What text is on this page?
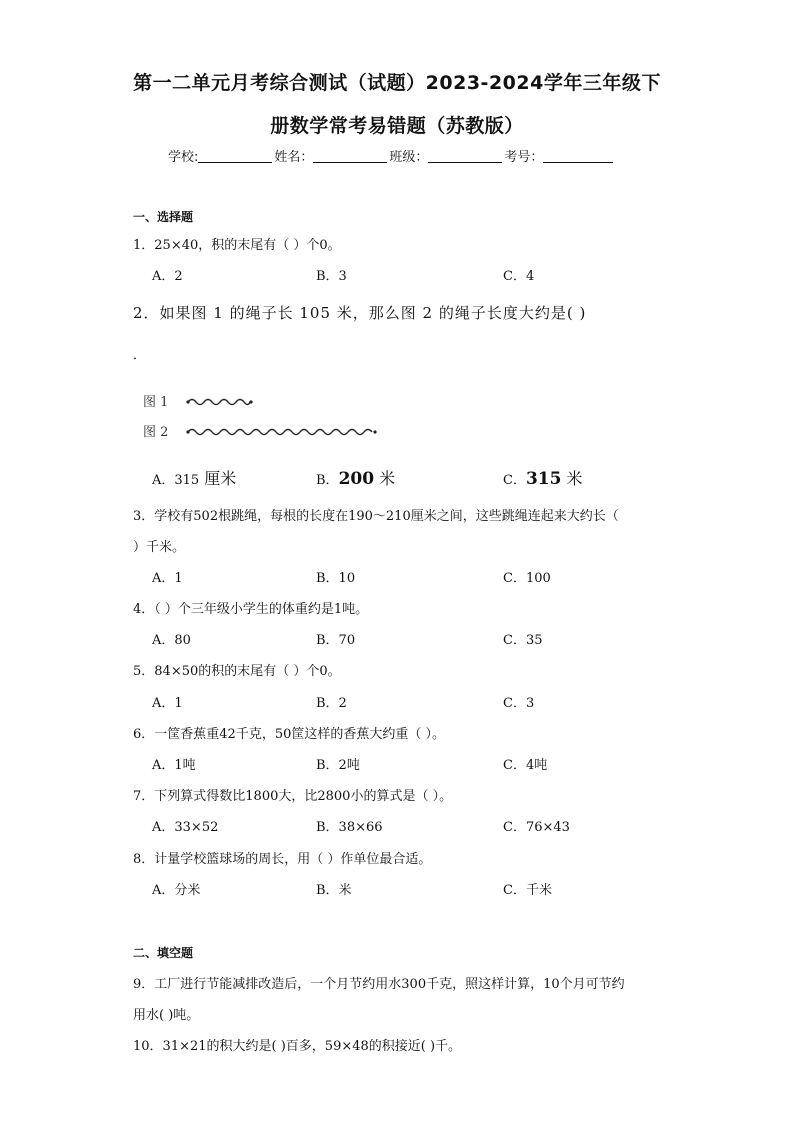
第一二单元月考综合测试（试题）2023-2024学年三年级下
册数学常考易错题（苏教版）
学校:	姓名：	班级：	考号：
一、选择题
1．25×40，积的末尾有（ ）个0。
A．2	B．3	C．4
2．如果图 1 的绳子长 105 米，那么图 2 的绳子长度大约是( )
．
图 1
图 2
A．315 厘米	B．200 米	C．315 米
3．学校有502根跳绳，每根的长度在190～210厘米之间，这些跳绳连起来大约长（
）千米。
A．1	B．10	C．100
4．（ ）个三年级小学生的体重约是1吨。
A．80	B．70	C．35
5．84×50的积的末尾有（ ）个0。
A．1	B．2	C．3
6．一筐香蕉重42千克，50筐这样的香蕉大约重（ ）。
A．1吨	B．2吨	C．4吨
7．下列算式得数比1800大，比2800小的算式是（ ）。
A．33×52	B．38×66	C．76×43
8．计量学校篮球场的周长，用（ ）作单位最合适。
A．分米	B．米	C．千米
二、填空题
9．工厂进行节能减排改造后，一个月节约用水300千克，照这样计算，10个月可节约
用水( )吨。
10．31×21的积大约是( )百多，59×48的积接近( )千。
